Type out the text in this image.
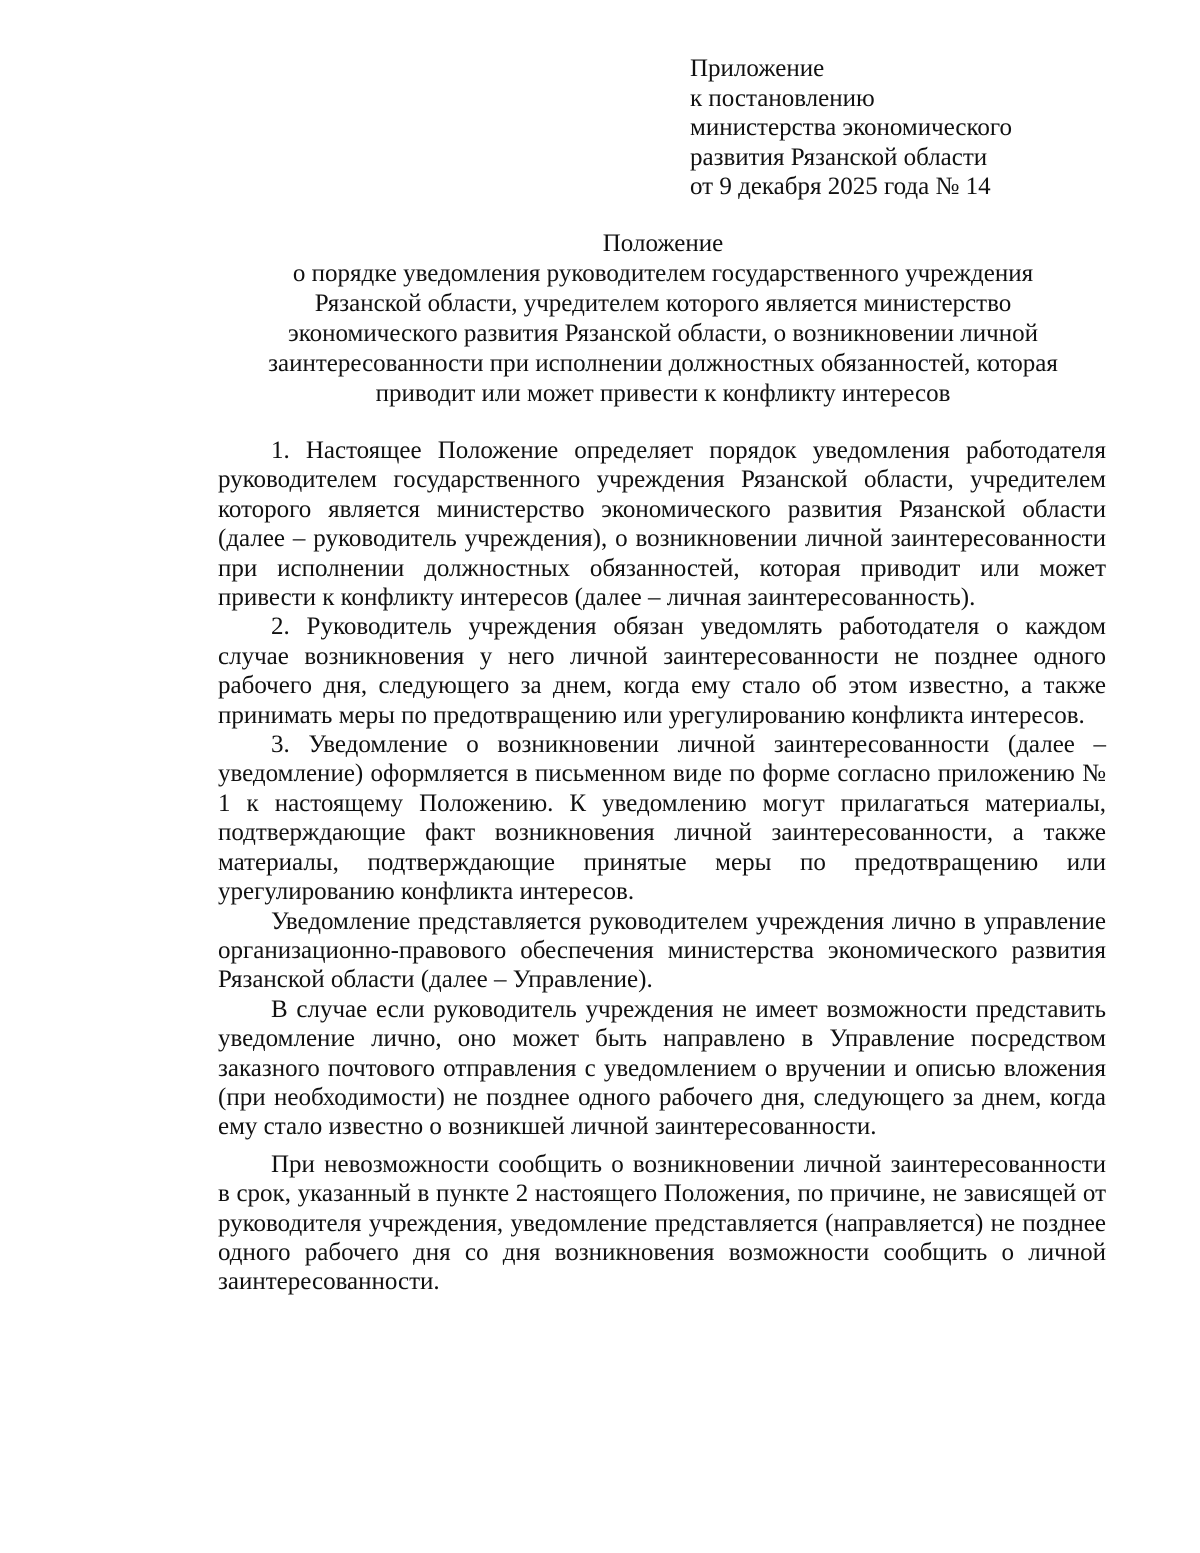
Приложение
к постановлению
министерства экономического
развития Рязанской области
от 9 декабря 2025 года № 14
Положение
о порядке уведомления руководителем государственного учреждения
Рязанской области, учредителем которого является министерство
экономического развития Рязанской области, о возникновении личной
заинтересованности при исполнении должностных обязанностей, которая
приводит или может привести к конфликту интересов

1. Настоящее Положение определяет порядок уведомления работодателя руководителем государственного учреждения Рязанской области, учредителем которого является министерство экономического развития Рязанской области (далее – руководитель учреждения), о возникновении личной заинтересованности при исполнении должностных обязанностей, которая приводит или может привести к конфликту интересов (далее – личная заинтересованность).

2. Руководитель учреждения обязан уведомлять работодателя о каждом случае возникновения у него личной заинтересованности не позднее одного рабочего дня, следующего за днем, когда ему стало об этом известно, а также принимать меры по предотвращению или урегулированию конфликта интересов.

3. Уведомление о возникновении личной заинтересованности (далее – уведомление) оформляется в письменном виде по форме согласно приложению № 1 к настоящему Положению. К уведомлению могут прилагаться материалы, подтверждающие факт возникновения личной заинтересованности, а также материалы, подтверждающие принятые меры по предотвращению или урегулированию конфликта интересов.

Уведомление представляется руководителем учреждения лично в управление организационно-правового обеспечения министерства экономического развития Рязанской области (далее – Управление).

В случае если руководитель учреждения не имеет возможности представить уведомление лично, оно может быть направлено в Управление посредством заказного почтового отправления с уведомлением о вручении и описью вложения (при необходимости) не позднее одного рабочего дня, следующего за днем, когда ему стало известно о возникшей личной заинтересованности.

При невозможности сообщить о возникновении личной заинтересованности в срок, указанный в пункте 2 настоящего Положения, по причине, не зависящей от руководителя учреждения, уведомление представляется (направляется) не позднее одного рабочего дня со дня возникновения возможности сообщить о личной заинтересованности.
